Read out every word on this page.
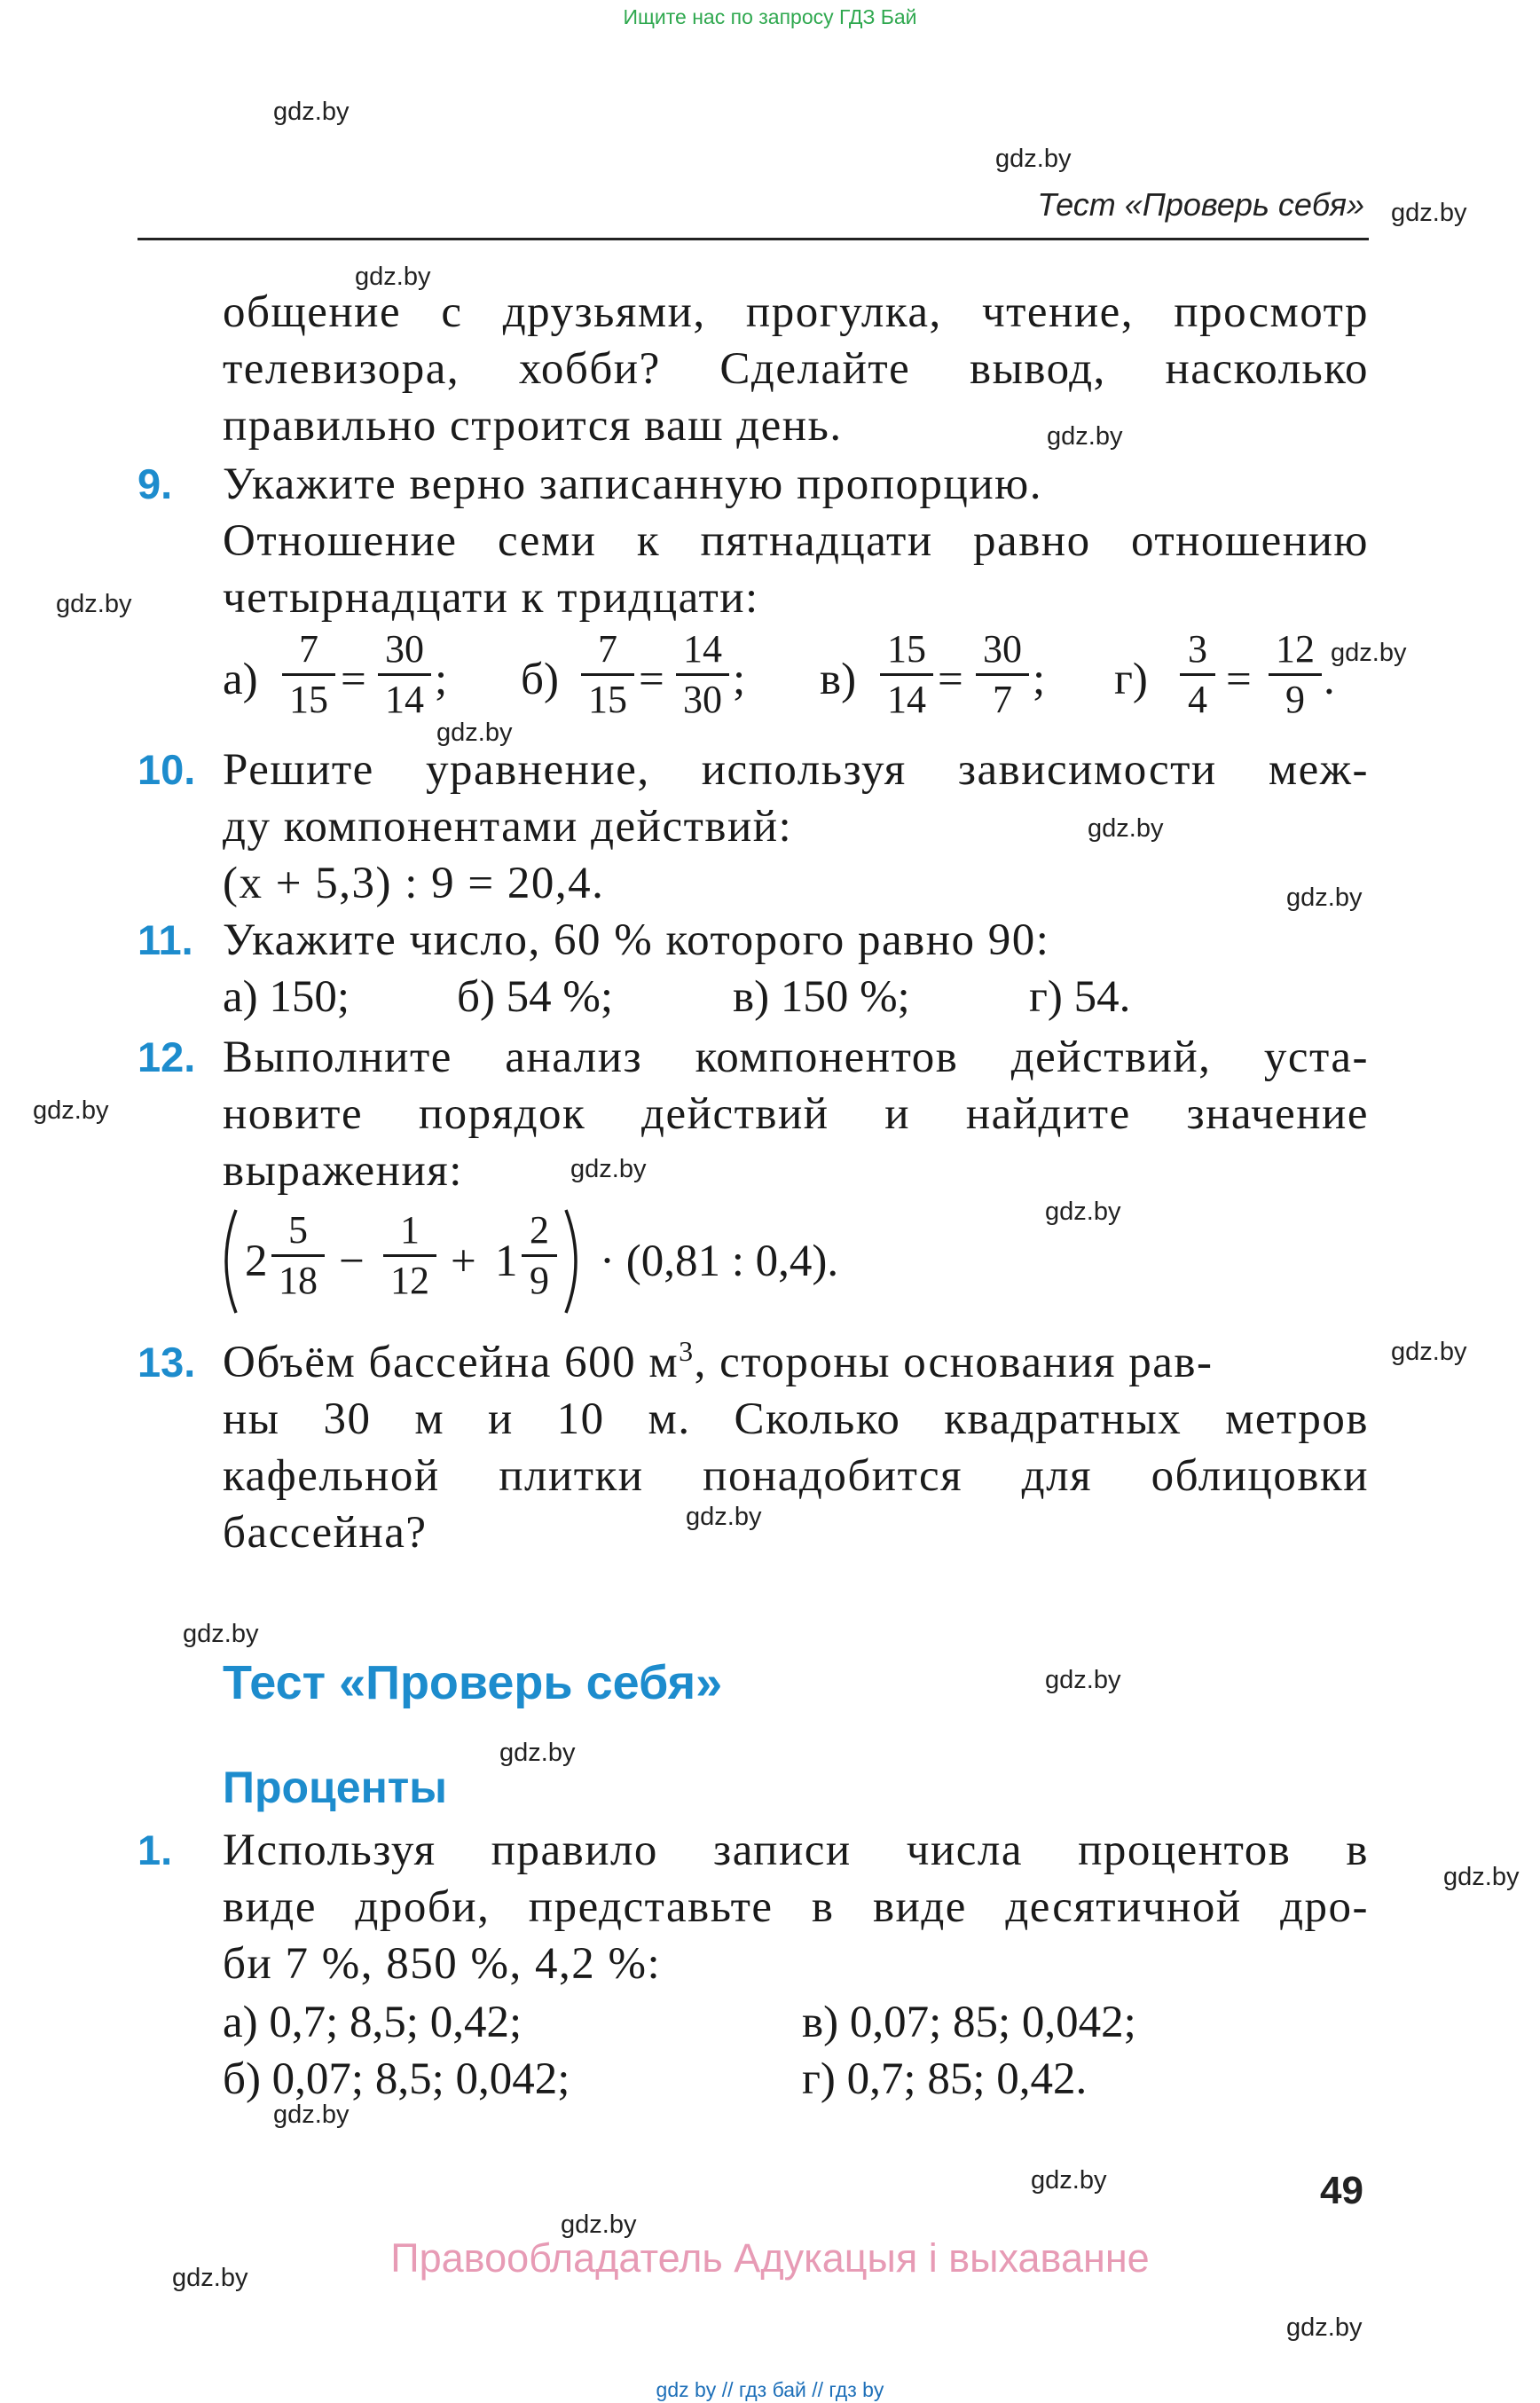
Ищите нас по запросу ГДЗ Бай
gdz.by
gdz.by
gdz.by
gdz.by
gdz.by
gdz.by
gdz.by
gdz.by
gdz.by
gdz.by
gdz.by
gdz.by
gdz.by
gdz.by
gdz.by
gdz.by
gdz.by
gdz.by
gdz.by
gdz.by
gdz.by
gdz.by
gdz.by
gdz.by
Тест «Проверь себя»
общение с друзьями, прогулка, чтение, просмотр
телевизора, хобби? Сделайте вывод, насколько
правильно строится ваш день.
9. Укажите верно записанную пропорцию.
Отношение семи к пятнадцати равно отношению
четырнадцати к тридцати:
$а) \frac{7}{15} = \frac{30}{14}$ ; $б) \frac{7}{15} = \frac{14}{30}$ ; $в) \frac{15}{14} = \frac{30}{7}$ ; $г) \frac{3}{4} = \frac{12}{9}$ .
10. Решите уравнение, используя зависимости меж-
ду компонентами действий:
(x + 5,3) : 9 = 20,4.
11. Укажите число, 60 % которого равно 90:
а) 150; б) 54 %;	в) 150 %;	г) 54.
12. Выполните анализ компонентов действий, уста-
новите порядок действий и найдите значение
выражения:
$2 \frac{5}{18} - \frac{1}{12} + 1 \frac{2}{9} \cdot (0,81$ : 0,4).
13. Объём бассейна 600 $м^3$, стороны основания рав-
ны 30 м и 10 м. Сколько квадратных метров
кафельной плитки понадобится для облицовки
бассейна?
Тест «Проверь себя»
Проценты
1. Используя правило записи числа процентов в
виде дроби, представьте в виде десятичной дро-
би 7 %, 850 %, 4,2 %:
а) 0,7; 8,5; 0,42;	в) 0,07; 85; 0,042;
б) 0,07; 8,5; 0,042;	г) 0,7; 85; 0,42.
49
Правообладатель Адукацыя і выхаванне
gdz by // гдз бай // гдз by
